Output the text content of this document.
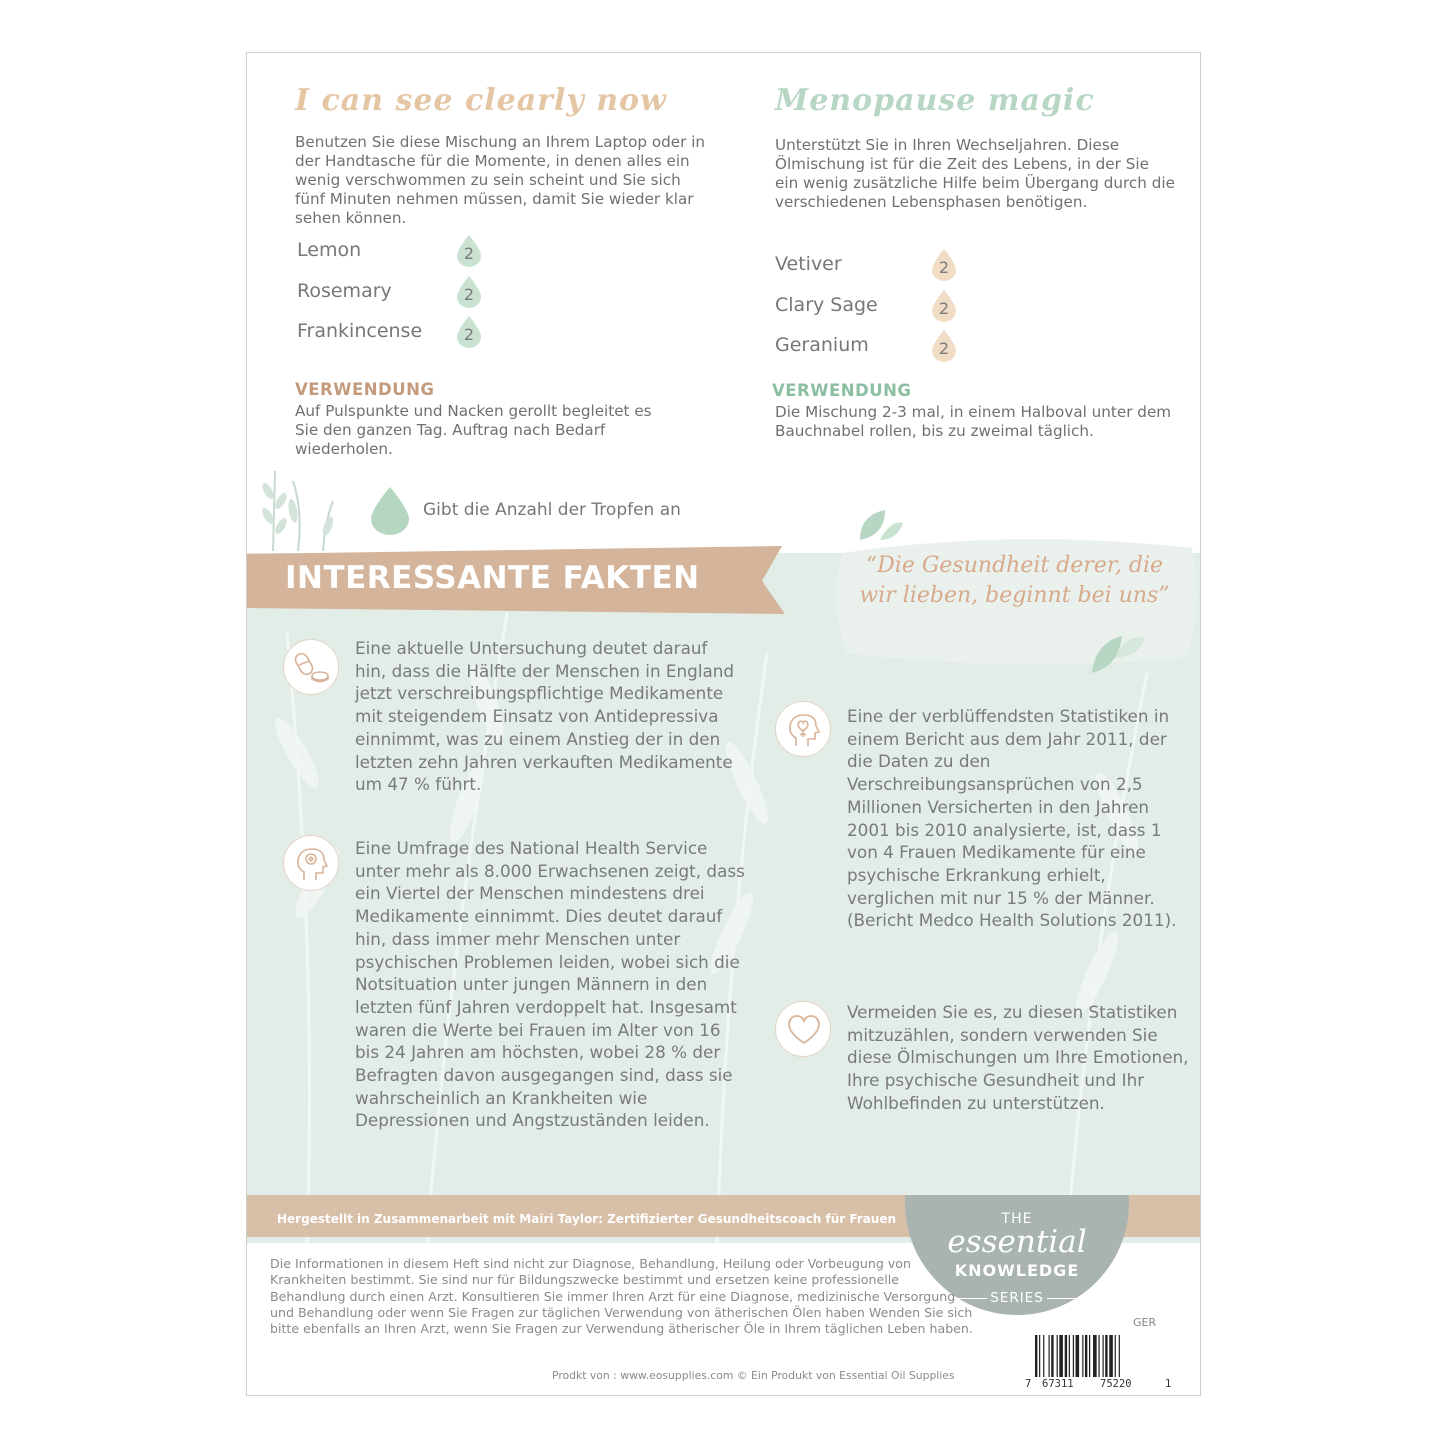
I can see clearly now
Benutzen Sie diese Mischung an Ihrem Laptop oder in der Handtasche für die Momente, in denen alles ein wenig verschwommen zu sein scheint und Sie sich fünf Minuten nehmen müssen, damit Sie wieder klar sehen können.
Lemon	2
Rosemary	2
Frankincense	2
VERWENDUNG
Auf Pulspunkte und Nacken gerollt begleitet es Sie den ganzen Tag. Auftrag nach Bedarf wiederholen.
Menopause magic
Unterstützt Sie in Ihren Wechseljahren. Diese Ölmischung ist für die Zeit des Lebens, in der Sie ein wenig zusätzliche Hilfe beim Übergang durch die verschiedenen Lebensphasen benötigen.
Vetiver	2
Clary Sage	2
Geranium	2
VERWENDUNG
Die Mischung 2-3 mal, in einem Halboval unter dem Bauchnabel rollen, bis zu zweimal täglich.
Gibt die Anzahl der Tropfen an
INTERESSANTE FAKTEN	“Die Gesundheit derer, die
wir lieben, beginnt bei uns”
Eine aktuelle Untersuchung deutet darauf hin, dass die Hälfte der Menschen in England jetzt verschreibungspflichtige Medikamente mit steigendem Einsatz von Antidepressiva einnimmt, was zu einem Anstieg der in den letzten zehn Jahren verkauften Medikamente um 47 % führt.
Eine Umfrage des National Health Service unter mehr als 8.000 Erwachsenen zeigt, dass ein Viertel der Menschen mindestens drei Medikamente einnimmt. Dies deutet darauf hin, dass immer mehr Menschen unter psychischen Problemen leiden, wobei sich die Notsituation unter jungen Männern in den letzten fünf Jahren verdoppelt hat. Insgesamt waren die Werte bei Frauen im Alter von 16 bis 24 Jahren am höchsten, wobei 28 % der Befragten davon ausgegangen sind, dass sie wahrscheinlich an Krankheiten wie Depressionen und Angstzuständen leiden.
Eine der verblüffendsten Statistiken in einem Bericht aus dem Jahr 2011, der die Daten zu den Verschreibungsansprüchen von 2,5 Millionen Versicherten in den Jahren 2001 bis 2010 analysierte, ist, dass 1 von 4 Frauen Medikamente für eine psychische Erkrankung erhielt, verglichen mit nur 15 % der Männer. (Bericht Medco Health Solutions 2011).
Vermeiden Sie es, zu diesen Statistiken mitzuzählen, sondern verwenden Sie diese Ölmischungen um Ihre Emotionen, Ihre psychische Gesundheit und Ihr Wohlbefinden zu unterstützen.
Hergestellt in Zusammenarbeit mit Mairi Taylor: Zertifizierter Gesundheitscoach für Frauen	THE
essential
KNOWLEDGE
SERIES
Die Informationen in diesem Heft sind nicht zur Diagnose, Behandlung, Heilung oder Vorbeugung von Krankheiten bestimmt. Sie sind nur für Bildungszwecke bestimmt und ersetzen keine professionelle Behandlung durch einen Arzt. Konsultieren Sie immer Ihren Arzt für eine Diagnose, medizinische Versorgung und Behandlung oder wenn Sie Fragen zur täglichen Verwendung von ätherischen Ölen haben Wenden Sie sich bitte ebenfalls an Ihren Arzt, wenn Sie Fragen zur Verwendung ätherischer Öle in Ihrem täglichen Leben haben.	GER
7 67311	75220	1
Prodkt von : www.eosupplies.com © Ein Produkt von Essential Oil Supplies
